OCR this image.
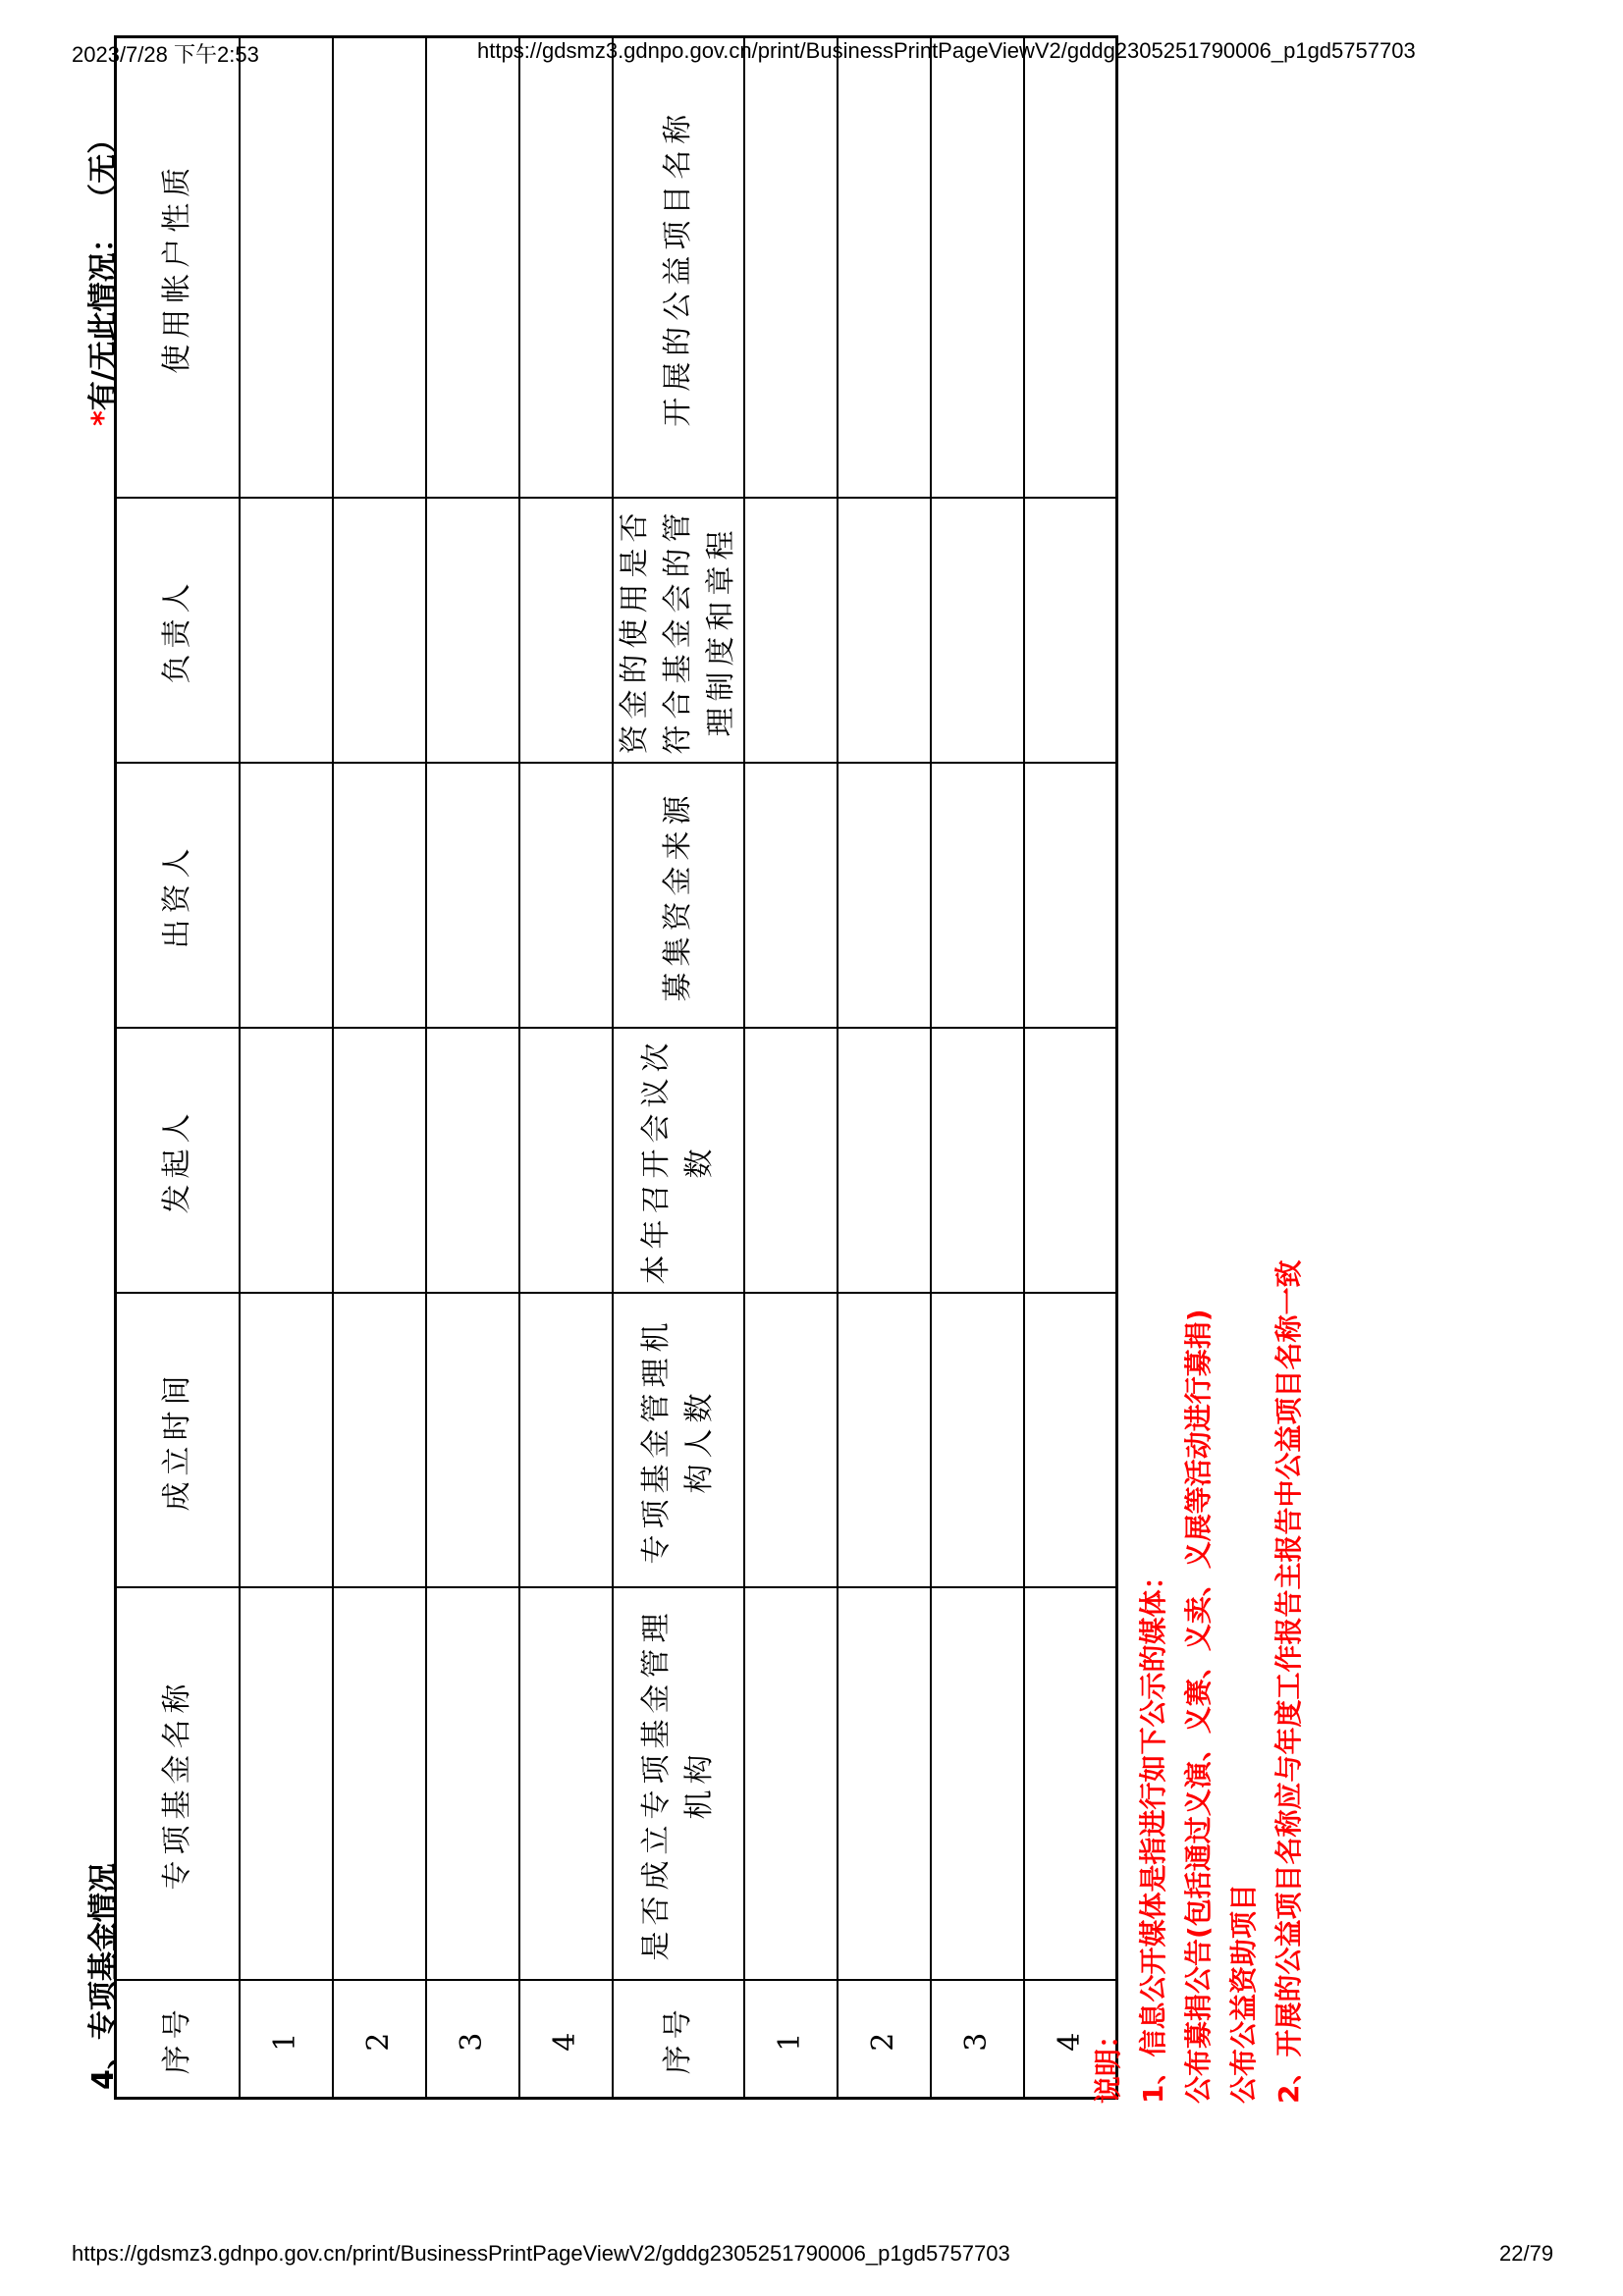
2023/7/28 下午2:53	https://gdsmz3.gdnpo.gov.cn/print/BusinessPrintPageViewV2/gddg2305251790006_p1gd5757703
4、专项基金情况
*有/无此情况： （无）
序号	专项基金名称	成立时间	发起人	出资人	负责人	使用帐户性质
1						
2						
3						
4						
序号	是否成立专项基金管理机构	专项基金管理机构人数	本年召开会议次数	募集资金来源	资金的使用是否符合基金会的管理制度和章程	开展的公益项目名称
1						
2						
3						
4						说明： 1、信息公开媒体是指进行如下公示的媒体： 公布募捐公告(包括通过义演、义赛、义卖、义展等活动进行募捐) 公布公益资助项目 2、开展的公益项目名称应与年度工作报告主报告中公益项目名称一致
https://gdsmz3.gdnpo.gov.cn/print/BusinessPrintPageViewV2/gddg2305251790006_p1gd5757703	22/79
